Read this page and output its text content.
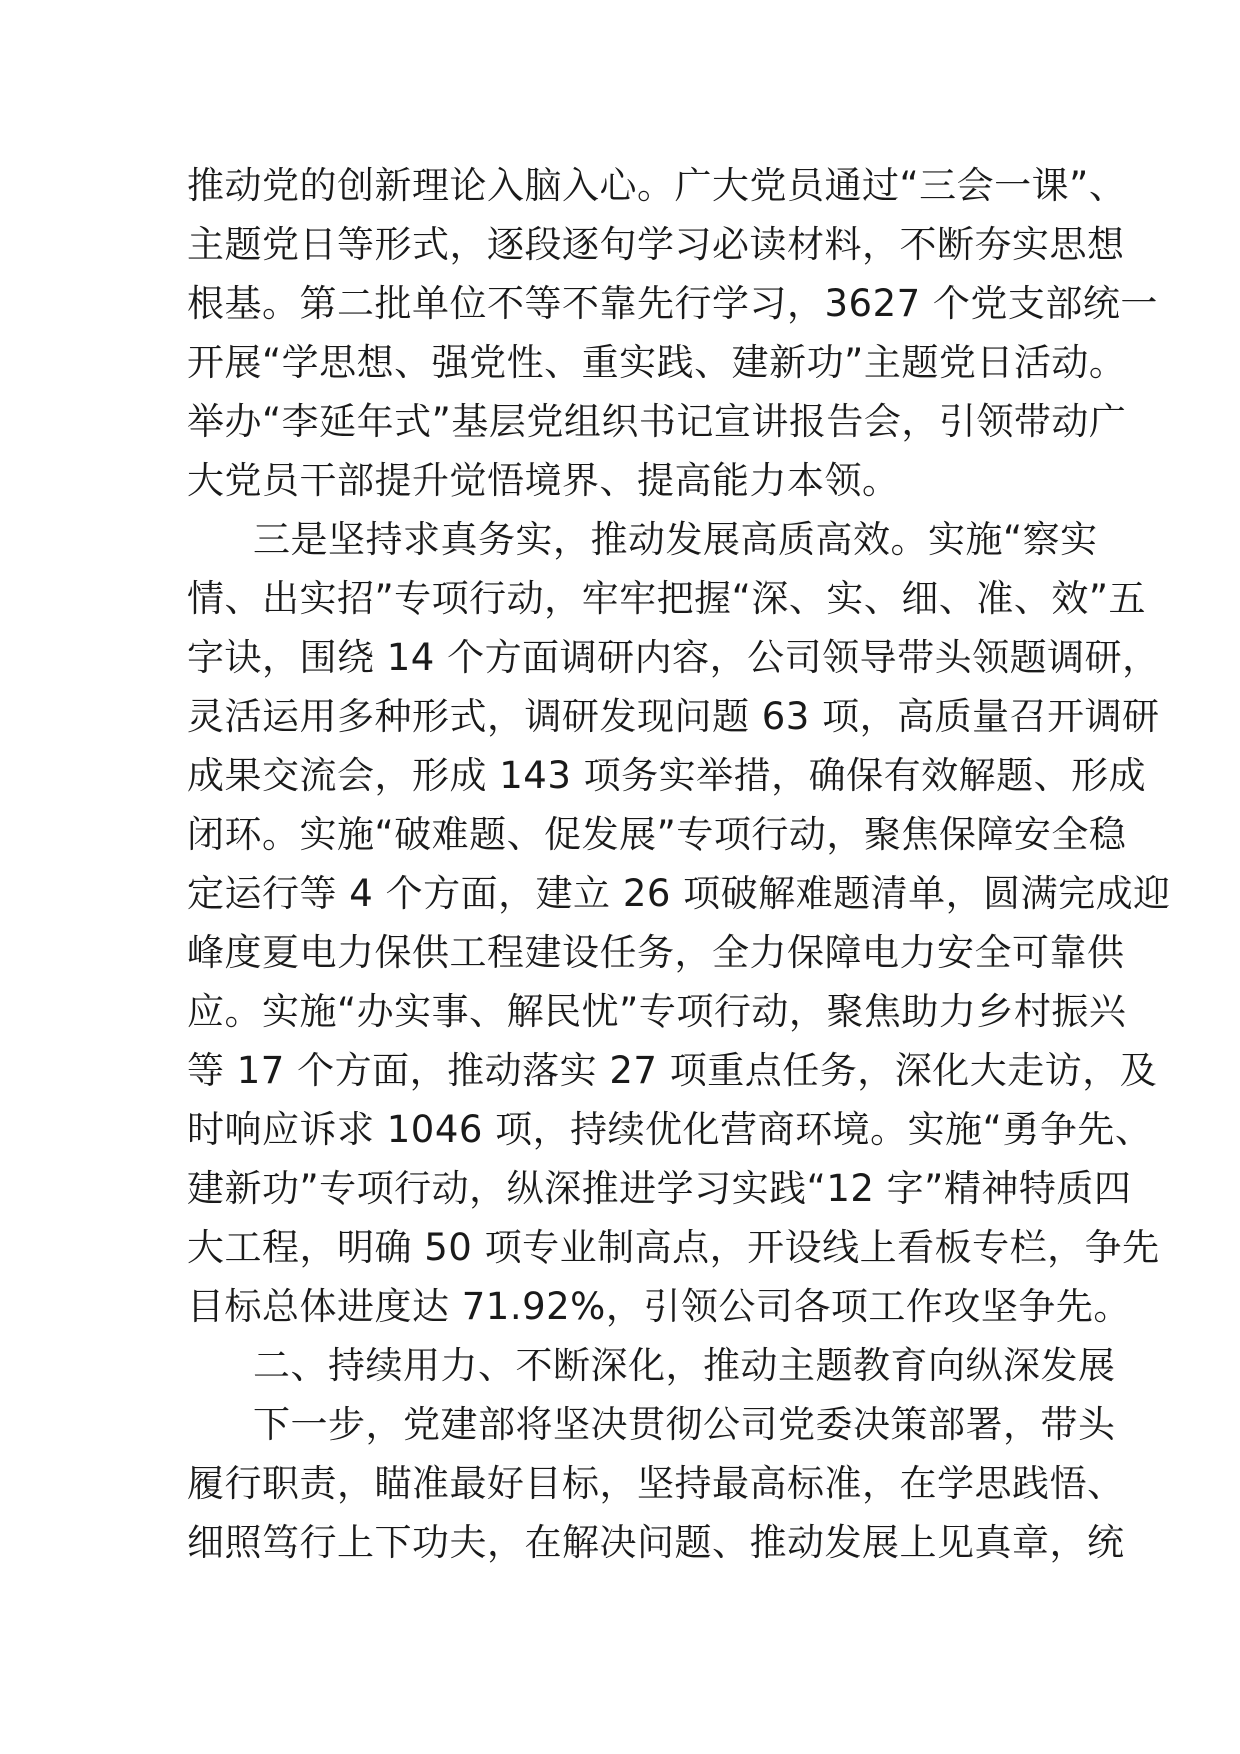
推动党的创新理论入脑入心。广大党员通过“三会一课”、
主题党日等形式，逐段逐句学习必读材料，不断夯实思想
根基。第二批单位不等不靠先行学习，3627 个党支部统一
开展“学思想、强党性、重实践、建新功”主题党日活动。
举办“李延年式”基层党组织书记宣讲报告会，引领带动广
大党员干部提升觉悟境界、提高能力本领。
三是坚持求真务实，推动发展高质高效。实施“察实
情、出实招”专项行动，牢牢把握“深、实、细、准、效”五
字诀，围绕 14 个方面调研内容，公司领导带头领题调研，
灵活运用多种形式，调研发现问题 63 项，高质量召开调研
成果交流会，形成 143 项务实举措，确保有效解题、形成
闭环。实施“破难题、促发展”专项行动，聚焦保障安全稳
定运行等 4 个方面，建立 26 项破解难题清单，圆满完成迎
峰度夏电力保供工程建设任务，全力保障电力安全可靠供
应。实施“办实事、解民忧”专项行动，聚焦助力乡村振兴
等 17 个方面，推动落实 27 项重点任务，深化大走访，及
时响应诉求 1046 项，持续优化营商环境。实施“勇争先、
建新功”专项行动，纵深推进学习实践“12 字”精神特质四
大工程，明确 50 项专业制高点，开设线上看板专栏，争先
目标总体进度达 71.92%，引领公司各项工作攻坚争先。
二、持续用力、不断深化，推动主题教育向纵深发展
下一步，党建部将坚决贯彻公司党委决策部署，带头
履行职责，瞄准最好目标，坚持最高标准，在学思践悟、
细照笃行上下功夫，在解决问题、推动发展上见真章，统
